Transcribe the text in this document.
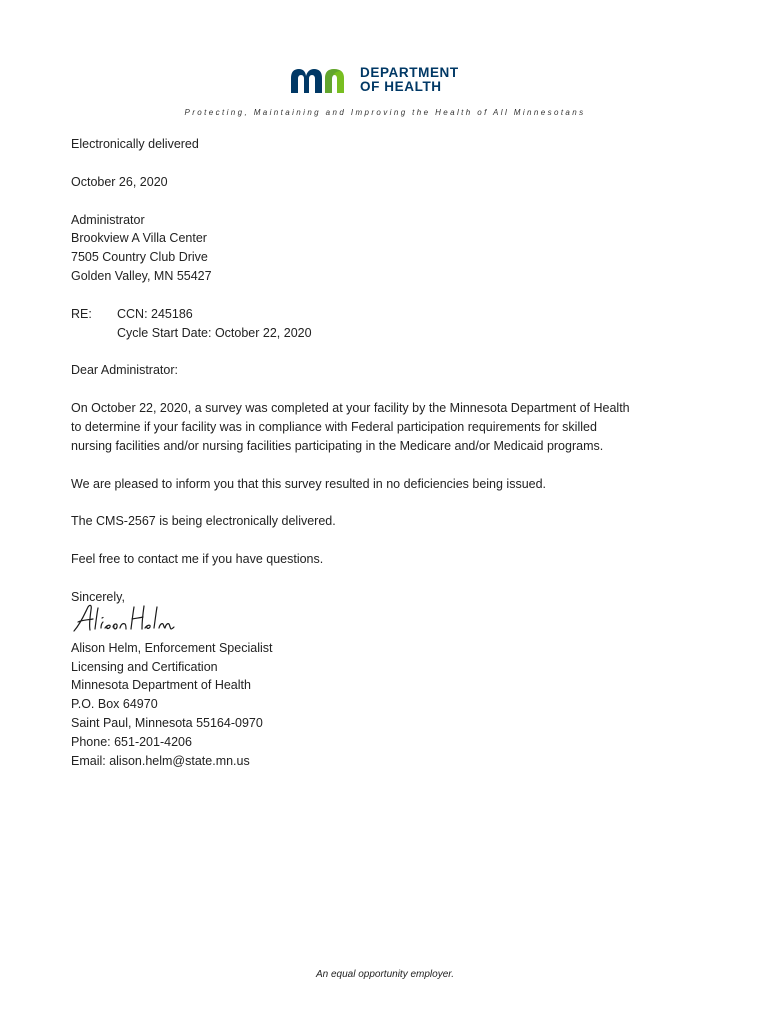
DEPARTMENT
OF HEALTH
Protecting, Maintaining and Improving the Health of All Minnesotans

Electronically delivered

October 26, 2020

Administrator
Brookview A Villa Center
7505 Country Club Drive
Golden Valley, MN 55427
RE:	CCN: 245186
Cycle Start Date: October 22, 2020

Dear Administrator:

On October 22, 2020, a survey was completed at your facility by the Minnesota Department of Health
to determine if your facility was in compliance with Federal participation requirements for skilled
nursing facilities and/or nursing facilities participating in the Medicare and/or Medicaid programs.

We are pleased to inform you that this survey resulted in no deficiencies being issued.

The CMS-2567 is being electronically delivered.

Feel free to contact me if you have questions.

Sincerely,
Alison Helm, Enforcement Specialist
Licensing and Certification
Minnesota Department of Health
P.O. Box 64970
Saint Paul, Minnesota 55164-0970
Phone: 651-201-4206
Email: alison.helm@state.mn.us
An equal opportunity employer.
